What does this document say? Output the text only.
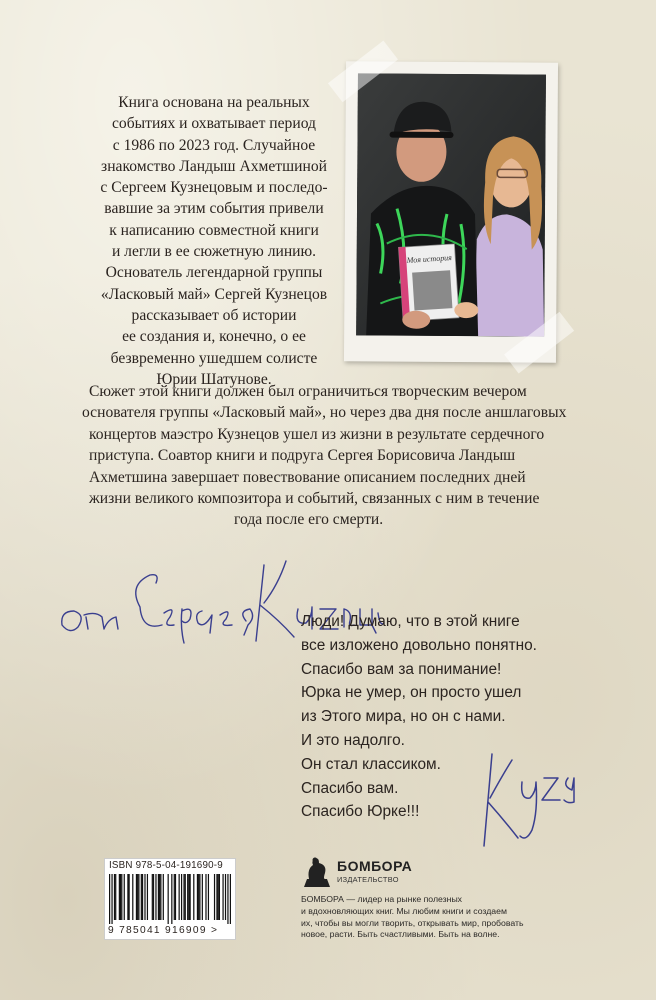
Книга основана на реальных
событиях и охватывает период
с 1986 по 2023 год. Случайное
знакомство Ландыш Ахметшиной
с Сергеем Кузнецовым и последо-
вавшие за этим события привели
к написанию совместной книги
и легли в ее сюжетную линию.
Основатель легендарной группы
«Ласковый май» Сергей Кузнецов
рассказывает об истории
ее создания и, конечно, о ее
безвременно ушедшем солисте
Юрии Шатунове.
Моя история
Сюжет этой книги должен был ограничиться творческим вечером
основателя группы «Ласковый май», но через два дня после аншлаговых
концертов маэстро Кузнецов ушел из жизни в результате сердечного
приступа. Соавтор книги и подруга Сергея Борисовича Ландыш
Ахметшина завершает повествование описанием последних дней
жизни великого композитора и событий, связанных с ним в течение
года после его смерти.
Люди! Думаю, что в этой книге
все изложено довольно понятно.
Спасибо вам за понимание!
Юрка не умер, он просто ушел
из Этого мира, но он с нами.
И это надолго.
Он стал классиком.
Спасибо вам.
Спасибо Юрке!!!
ISBN 978-5-04-191690-9
9 785041 916909 >
БОМБОРА
ИЗДАТЕЛЬСТВО
БОМБОРА — лидер на рынке полезных
и вдохновляющих книг. Мы любим книги и создаем
их, чтобы вы могли творить, открывать мир, пробовать
новое, расти. Быть счастливыми. Быть на волне.
